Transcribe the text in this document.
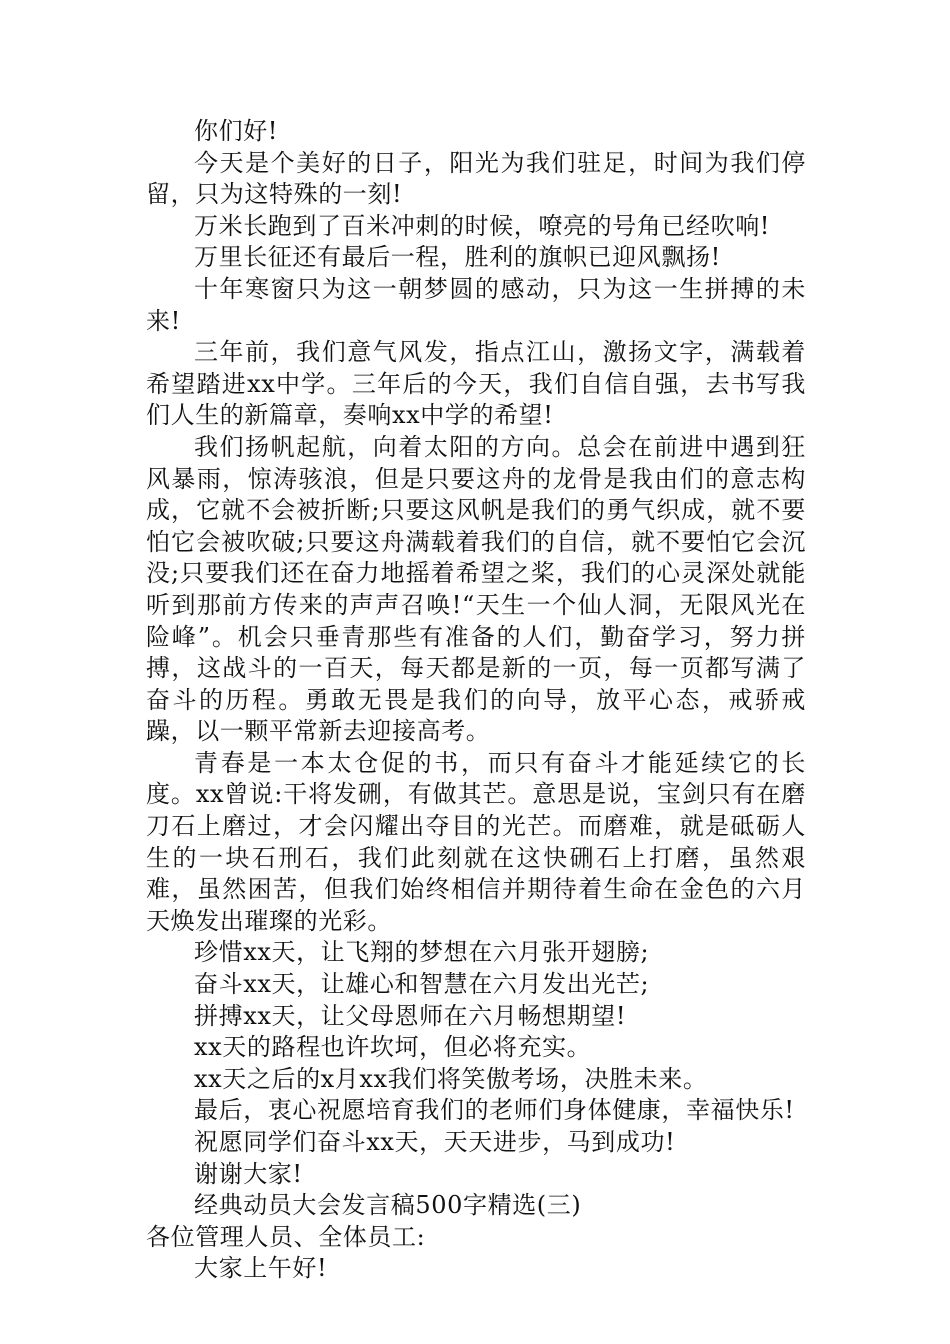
你们好!

今天是个美好的日子，阳光为我们驻足，时间为我们停留，只为这特殊的一刻!

万米长跑到了百米冲刺的时候，嘹亮的号角已经吹响!

万里长征还有最后一程，胜利的旗帜已迎风飘扬!

十年寒窗只为这一朝梦圆的感动，只为这一生拼搏的未来!

三年前，我们意气风发，指点江山，激扬文字，满载着希望踏进xx中学。三年后的今天，我们自信自强，去书写我们人生的新篇章，奏响xx中学的希望!

我们扬帆起航，向着太阳的方向。总会在前进中遇到狂风暴雨，惊涛骇浪，但是只要这舟的龙骨是我由们的意志构成，它就不会被折断;只要这风帆是我们的勇气织成，就不要怕它会被吹破;只要这舟满载着我们的自信，就不要怕它会沉没;只要我们还在奋力地摇着希望之桨，我们的心灵深处就能听到那前方传来的声声召唤!“天生一个仙人洞，无限风光在险峰”。机会只垂青那些有准备的人们，勤奋学习，努力拼搏，这战斗的一百天，每天都是新的一页，每一页都写满了奋斗的历程。勇敢无畏是我们的向导，放平心态，戒骄戒躁，以一颗平常新去迎接高考。

青春是一本太仓促的书，而只有奋斗才能延续它的长度。xx曾说:干将发硎，有做其芒。意思是说，宝剑只有在磨刀石上磨过，才会闪耀出夺目的光芒。而磨难，就是砥砺人生的一块石刑石，我们此刻就在这快硎石上打磨，虽然艰难，虽然困苦，但我们始终相信并期待着生命在金色的六月天焕发出璀璨的光彩。

珍惜xx天，让飞翔的梦想在六月张开翅膀;

奋斗xx天，让雄心和智慧在六月发出光芒;

拼搏xx天，让父母恩师在六月畅想期望!

xx天的路程也许坎坷，但必将充实。

xx天之后的x月xx我们将笑傲考场，决胜未来。

最后，衷心祝愿培育我们的老师们身体健康，幸福快乐!

祝愿同学们奋斗xx天，天天进步，马到成功!

谢谢大家!

经典动员大会发言稿500字精选(三)

各位管理人员、全体员工:

大家上午好!
